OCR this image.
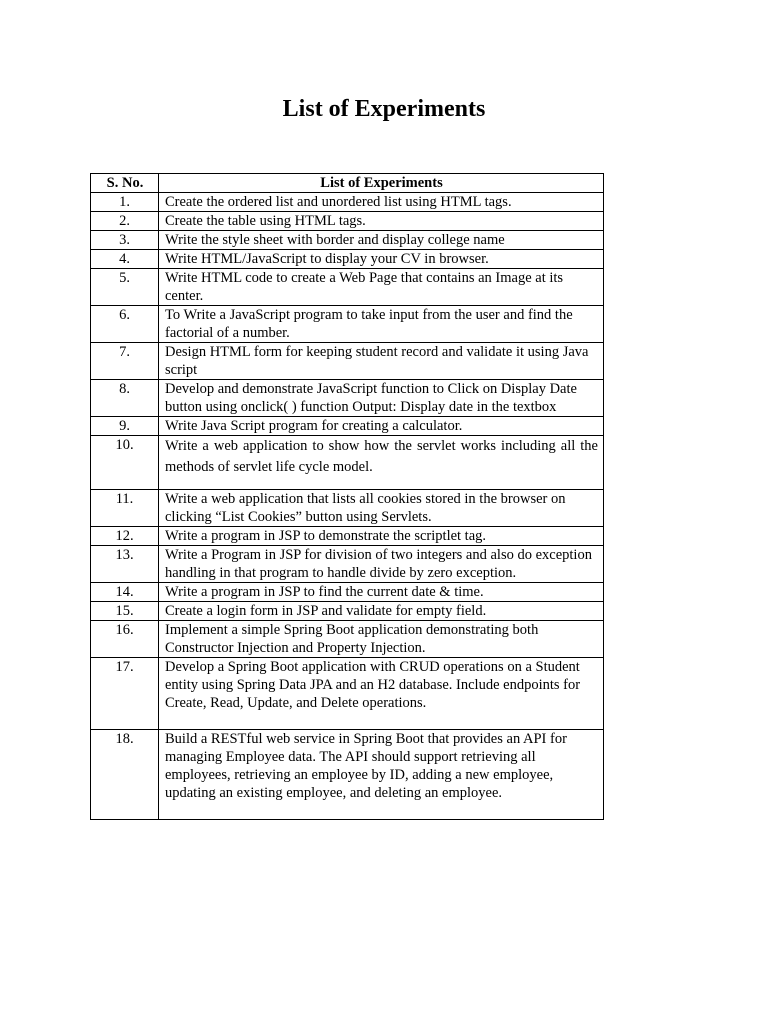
List of Experiments
S. No.	List of Experiments
1.	Create the ordered list and unordered list using HTML tags.
2.	Create the table using HTML tags.
3.	Write the style sheet with border and display college name
4.	Write HTML/JavaScript to display your CV in browser.
5.	Write HTML code to create a Web Page that contains an Image at its center.
6.	To Write a JavaScript program to take input from the user and find the factorial of a number.
7.	Design HTML form for keeping student record and validate it using Java script
8.	Develop and demonstrate JavaScript function to Click on Display Date button using onclick( ) function Output: Display date in the textbox
9.	Write Java Script program for creating a calculator.
10.	Write a web application to show how the servlet works including all the methods of servlet life cycle model.
11.	Write a web application that lists all cookies stored in the browser on clicking “List Cookies” button using Servlets.
12.	Write a program in JSP to demonstrate the scriptlet tag.
13.	Write a Program in JSP for division of two integers and also do exception handling in that program to handle divide by zero exception.
14.	Write a program in JSP to find the current date & time.
15.	Create a login form in JSP and validate for empty field.
16.	Implement a simple Spring Boot application demonstrating both Constructor Injection and Property Injection.
17.	Develop a Spring Boot application with CRUD operations on a Student entity using Spring Data JPA and an H2 database. Include endpoints for Create, Read, Update, and Delete operations.
18.	Build a RESTful web service in Spring Boot that provides an API for managing Employee data. The API should support retrieving all employees, retrieving an employee by ID, adding a new employee, updating an existing employee, and deleting an employee.
